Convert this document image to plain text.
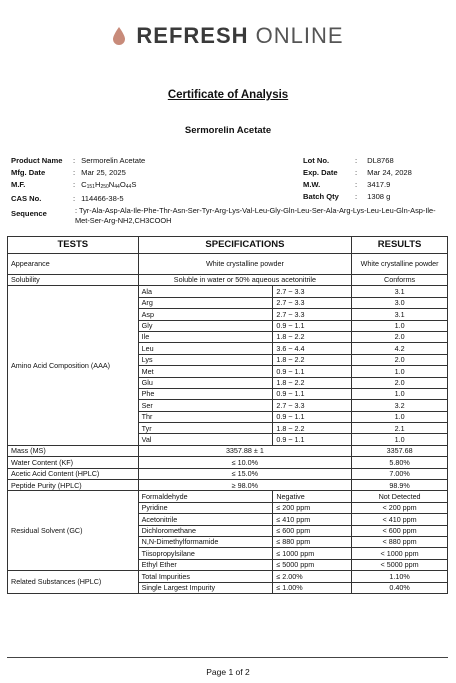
REFRESH ONLINE
Certificate of Analysis
Sermorelin Acetate
Product Name : Sermorelin Acetate
Mfg. Date	: Mar 25, 2025
M.F.	: $C_{151}H_{250}N_{44}O_{44}S$
CAS No.	: 114466-38-5
Lot No.	: DL8768
Exp. Date : Mar 24, 2028
M.W.	: 3417.9
Batch Qty : 1308 g
Sequence	: Tyr-Ala-Asp-Ala-Ile-Phe-Thr-Asn-Ser-Tyr-Arg-Lys-Val-Leu-Gly-Gln-Leu-Ser-Ala-Arg-Lys-Leu-Leu-Gln-Asp-Ile-Met-Ser-Arg-NH2,CH3COOH
TESTS	SPECIFICATIONS		RESULTS
Appearance	White crystalline powder		White crystalline powder
Solubility	Soluble in water or 50% aqueous acetonitrile		Conforms
Amino Acid Composition (AAA)	Ala	2.7 ~ 3.3	3.1
	Arg	2.7 ~ 3.3	3.0
	Asp	2.7 ~ 3.3	3.1
	Gly	0.9 ~ 1.1	1.0
	Ile	1.8 ~ 2.2	2.0
	Leu	3.6 ~ 4.4	4.2
	Lys	1.8 ~ 2.2	2.0
	Met	0.9 ~ 1.1	1.0
	Glu	1.8 ~ 2.2	2.0
	Phe	0.9 ~ 1.1	1.0
	Ser	2.7 ~ 3.3	3.2
	Thr	0.9 ~ 1.1	1.0
	Tyr	1.8 ~ 2.2	2.1
	Val	0.9 ~ 1.1	1.0
Mass (MS)	3357.88 ± 1		3357.68
Water Content (KF)	≤ 10.0%		5.80%
Acetic Acid Content (HPLC)	≤ 15.0%		7.00%
Peptide Purity (HPLC)	≥ 98.0%		98.9%
Residual Solvent (GC)	Formaldehyde	Negative	Not Detected
	Pyridine	≤ 200 ppm	< 200 ppm
	Acetonitrile	≤ 410 ppm	< 410 ppm
	Dichloromethane	≤ 600 ppm	< 600 ppm
	N,N-Dimethylformamide	≤ 880 ppm	< 880 ppm
	Tiisopropylsilane	≤ 1000 ppm	< 1000 ppm
	Ethyl Ether	≤ 5000 ppm	< 5000 ppm
Related Substances (HPLC)	Total Impurities	≤ 2.00%	1.10%
	Single Largest Impurity	≤ 1.00%	0.40%
Page 1 of 2
